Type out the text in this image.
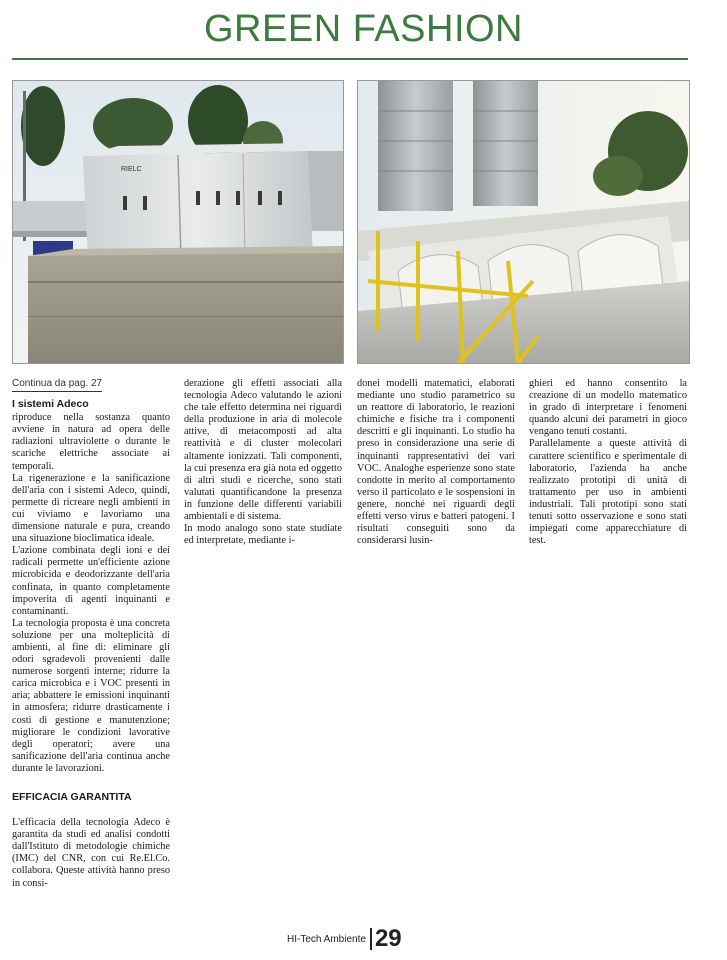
GREEN FASHION
RIELC
Continua da pag. 27
I sistemi Adeco

riproduce nella sostanza quanto avviene in natura ad opera delle radiazioni ultraviolette o durante le scariche elettriche associate ai temporali.

La rigenerazione e la sanificazione dell'aria con i sistemi Adeco, quindi, permette di ricreare negli ambienti in cui viviamo e lavoriamo una dimensione naturale e pura, creando una situazione bioclimatica ideale.

L'azione combinata degli ioni e dei radicali permette un'efficiente azione microbicida e deodorizzante dell'aria confinata, in quanto completamente impoverita di agenti inquinanti e contaminanti.

La tecnologia proposta è una concreta soluzione per una molteplicità di ambienti, al fine di: eliminare gli odori sgradevoli provenienti dalle numerose sorgenti interne; ridurre la carica microbica e i VOC presenti in aria; abbattere le emissioni inquinanti in atmosfera; ridurre drasticamente i costi di gestione e manutenzione; migliorare le condizioni lavorative degli operatori; avere una sanificazione dell'aria continua anche durante le lavorazioni.

EFFICACIA GARANTITA

L'efficacia della tecnologia Adeco è garantita da studi ed analisi condotti dall'Istituto di metodologie chimiche (IMC) del CNR, con cui Re.El.Co. collabora. Queste attività hanno preso in consi-

derazione gli effetti associati alla tecnologia Adeco valutando le azioni che tale effetto determina nei riguardi della produzione in aria di molecole attive, di metacomposti ad alta reattività e di cluster molecolari altamente ionizzati. Tali componenti, la cui presenza era già nota ed oggetto di altri studi e ricerche, sono stati valutati quantificandone la presenza in funzione delle differenti variabili ambientali e di sistema.

In modo analogo sono state studiate ed interpretate, mediante i-

donei modelli matematici, elaborati mediante uno studio parametrico su un reattore di laboratorio, le reazioni chimiche e fisiche tra i componenti descritti e gli inquinanti. Lo studio ha preso in considerazione una serie di inquinanti rappresentativi dei vari VOC. Analoghe esperienze sono state condotte in merito al comportamento verso il particolato e le sospensioni in genere, nonché nei riguardi degli effetti verso virus e batteri patogeni. I risultati conseguiti sono da considerarsi lusin-

ghieri ed hanno consentito la creazione di un modello matematico in grado di interpretare i fenomeni quando alcuni dei parametri in gioco vengano tenuti costanti.

Parallelamente a queste attività di carattere scientifico e sperimentale di laboratorio, l'azienda ha anche realizzato prototipi di unità di trattamento per uso in ambienti industriali. Tali prototipi sono stati tenuti sotto osservazione e sono stati impiegati come apparecchiature di test.

HI-Tech Ambiente 29
